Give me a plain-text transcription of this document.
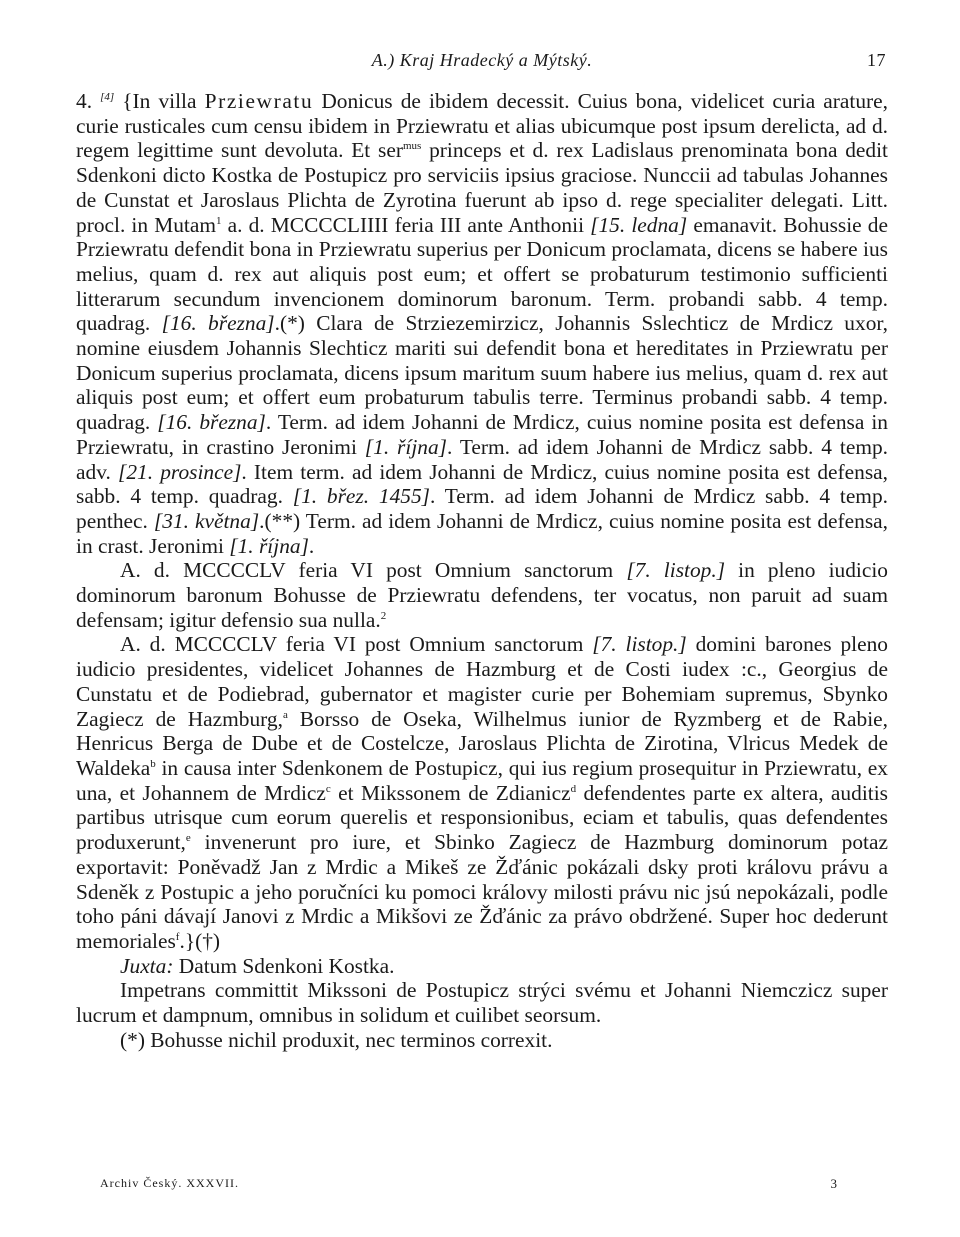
A.) Kraj Hradecký a Mýtský.	17

4. [4] {In villa Prziewratu Donicus de ibidem decessit. Cuius bona, videlicet curia arature, curie rusticales cum censu ibidem in Prziewratu et alias ubicumque post ipsum derelicta, ad d. regem legittime sunt devoluta. Et ser$^{mus}$ princeps et d. rex Ladislaus prenominata bona dedit Sdenkoni dicto Kostka de Postupicz pro serviciis ipsius graciose. Nunccii ad tabulas Johannes de Cunstat et Jaroslaus Plichta de Zyrotina fuerunt ab ipso d. rege specialiter delegati. Litt. procl. in Mutam$^1$ a. d. MCCCCLIIII feria III ante Anthonii [15. ledna] emanavit. Bohussie de Prziewratu defendit bona in Prziewratu superius per Donicum proclamata, dicens se habere ius melius, quam d. rex aut aliquis post eum; et offert se probaturum testimonio sufficienti litterarum secundum invencionem dominorum baronum. Term. probandi sabb. 4 temp. quadrag. [16. března].(*) Clara de Strziezemirzicz, Johannis Sslechticz de Mrdicz uxor, nomine eiusdem Johannis Slechticz mariti sui defendit bona et hereditates in Prziewratu per Donicum superius proclamata, dicens ipsum maritum suum habere ius melius, quam d. rex aut aliquis post eum; et offert eum probaturum tabulis terre. Terminus probandi sabb. 4 temp. quadrag. [16. března]. Term. ad idem Johanni de Mrdicz, cuius nomine posita est defensa in Prziewratu, in crastino Jeronimi [1. října]. Term. ad idem Johanni de Mrdicz sabb. 4 temp. adv. [21. prosince]. Item term. ad idem Johanni de Mrdicz, cuius nomine posita est defensa, sabb. 4 temp. quadrag. [1. břez. 1455]. Term. ad idem Johanni de Mrdicz sabb. 4 temp. penthec. [31. května].(**) Term. ad idem Johanni de Mrdicz, cuius nomine posita est defensa, in crast. Jeronimi [1. října].

A. d. MCCCCLV feria VI post Omnium sanctorum [7. listop.] in pleno iudicio dominorum baronum Bohusse de Prziewratu defendens, ter vocatus, non paruit ad suam defensam; igitur defensio sua nulla.$^2$

A. d. MCCCCLV feria VI post Omnium sanctorum [7. listop.] domini barones pleno iudicio presidentes, videlicet Johannes de Hazmburg et de Costi iudex :c., Georgius de Cunstatu et de Podiebrad, gubernator et magister curie per Bohemiam supremus, Sbynko Zagiecz de Hazmburg,$^a$ Borsso de Oseka, Wilhelmus iunior de Ryzmberg et de Rabie, Henricus Berga de Dube et de Costelcze, Jaroslaus Plichta de Zirotina, Vlricus Medek de Waldeka$^b$ in causa inter Sdenkonem de Postupicz, qui ius regium prosequitur in Prziewratu, ex una, et Johannem de Mrdicz$^c$ et Mikssonem de Zdianicz$^d$ defendentes parte ex altera, auditis partibus utrisque cum eorum querelis et responsionibus, eciam et tabulis, quas defendentes produxerunt,$^e$ invenerunt pro iure, et Sbinko Zagiecz de Hazmburg dominorum potaz exportavit: Poněvadž Jan z Mrdic a Mikeš ze Žďánic pokázali dsky proti královu právu a Sdeněk z Postupic a jeho poručníci ku pomoci královy milosti právu nic jsú nepokázali, podle toho páni dávají Janovi z Mrdic a Mikšovi ze Žďánic za právo obdržené. Super hoc dederunt memoriales$^f$.}(†)

Juxta: Datum Sdenkoni Kostka.

Impetrans committit Mikssoni de Postupicz strýci svému et Johanni Niemczicz super lucrum et dampnum, omnibus in solidum et cuilibet seorsum.

(*) Bohusse nichil produxit, nec terminos correxit.

Archiv Český. XXXVII.	3
